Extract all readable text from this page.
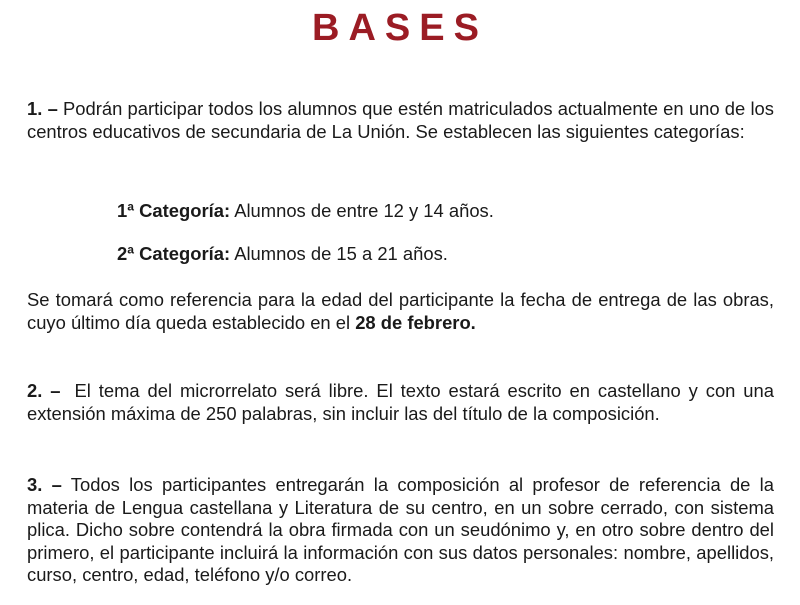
BASES
1. – Podrán participar todos los alumnos que estén matriculados actualmente en uno de los centros educativos de secundaria de La Unión. Se establecen las siguientes categorías:
1ª Categoría: Alumnos de entre 12 y 14 años.
2ª Categoría: Alumnos de 15 a 21 años.
Se tomará como referencia para la edad del participante la fecha de entrega de las obras, cuyo último día queda establecido en el 28 de febrero.
2. – El tema del microrrelato será libre. El texto estará escrito en castellano y con una extensión máxima de 250 palabras, sin incluir las del título de la composición.
3. – Todos los participantes entregarán la composición al profesor de referencia de la materia de Lengua castellana y Literatura de su centro, en un sobre cerrado, con sistema plica. Dicho sobre contendrá la obra firmada con un seudónimo y, en otro sobre dentro del primero, el participante incluirá la información con sus datos personales: nombre, apellidos, curso, centro, edad, teléfono y/o correo.
